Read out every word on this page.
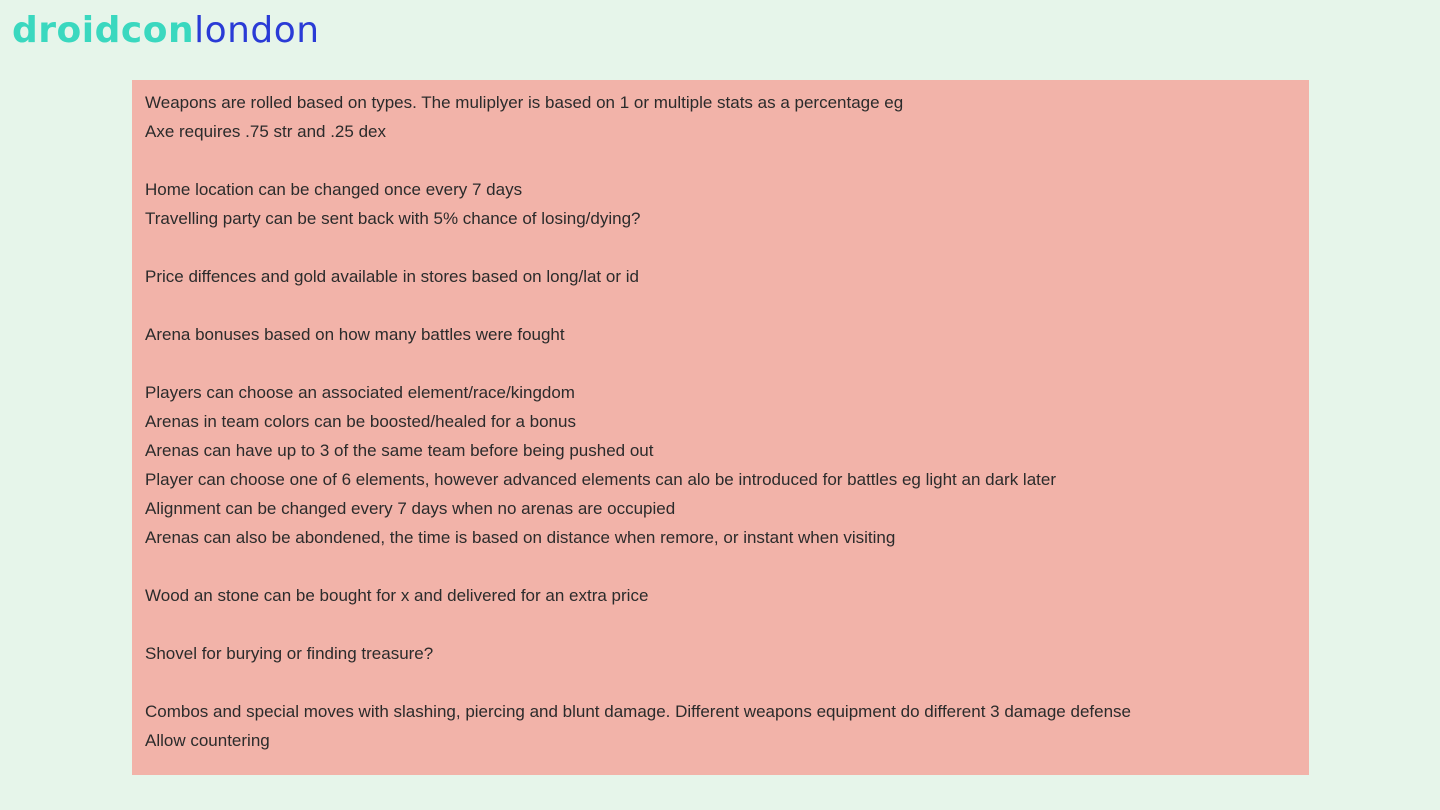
droidcon london
Weapons are rolled based on types. The muliplyer is based on 1 or multiple stats as a percentage eg
Axe requires .75 str and .25 dex
Home location can be changed once every 7 days
Travelling party can be sent back with 5% chance of losing/dying?
Price diffences and gold available in stores based on long/lat or id
Arena bonuses based on how many battles were fought
Players can choose an associated element/race/kingdom
Arenas in team colors can be boosted/healed for a bonus
Arenas can have up to 3 of the same team before being pushed out
Player can choose one of 6 elements, however advanced elements can alo be introduced for battles eg light an dark later
Alignment can be changed every 7 days when no arenas are occupied
Arenas can also be abondened, the time is based on distance when remore, or instant when visiting
Wood an stone can be bought for x and delivered for an extra price
Shovel for burying or finding treasure?
Combos and special moves with slashing, piercing and blunt damage. Different weapons equipment do different 3 damage defense
Allow countering
